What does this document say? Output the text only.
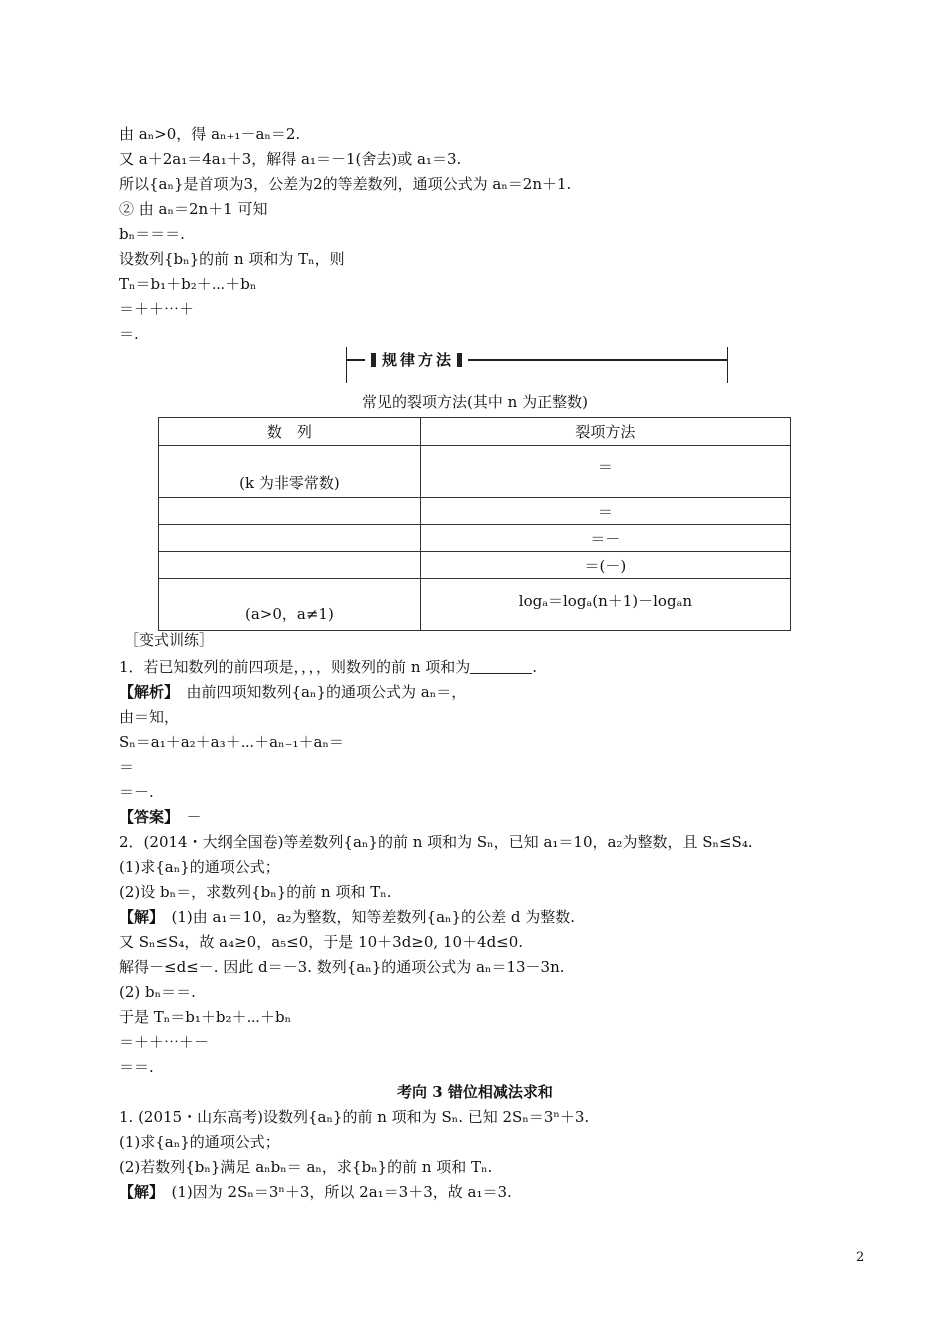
由 aₙ>0，得 aₙ₊₁－aₙ＝2.
又 a＋2a₁＝4a₁＋3，解得 a₁＝－1(舍去)或 a₁＝3.
所以{aₙ}是首项为3，公差为2的等差数列，通项公式为 aₙ＝2n＋1.
② 由 aₙ＝2n＋1 可知
bₙ＝＝＝.
设数列{bₙ}的前 n 项和为 Tₙ，则
Tₙ＝b₁＋b₂＋⋯＋bₙ
＝＋＋⋯＋
＝.
规律方法
常见的裂项方法(其中 n 为正整数)
数　列	裂项方法

(k 为非零常数)	＝

	＝
	＝－
	＝(－)

(a>0，a≠1)	logₐ＝logₐ(n＋1)－logₐn
［变式训练］
1．若已知数列的前四项是，，，，则数列的前 n 项和为	.
【解析】　由前四项知数列{aₙ}的通项公式为 aₙ＝，
由＝知，
Sₙ＝a₁＋a₂＋a₃＋⋯＋aₙ₋₁＋aₙ＝
＝
＝－.
【答案】　－
2．(2014・大纲全国卷)等差数列{aₙ}的前 n 项和为 Sₙ，已知 a₁＝10，a₂为整数，且 Sₙ≤S₄.
(1)求{aₙ}的通项公式；
(2)设 bₙ＝，求数列{bₙ}的前 n 项和 Tₙ.
【解】　(1)由 a₁＝10，a₂为整数，知等差数列{aₙ}的公差 d 为整数.
又 Sₙ≤S₄，故 a₄≥0，a₅≤0，于是 10＋3d≥0, 10＋4d≤0.
解得－≤d≤－. 因此 d＝－3. 数列{aₙ}的通项公式为 aₙ＝13－3n.
(2) bₙ＝＝.
于是 Tₙ＝b₁＋b₂＋⋯＋bₙ
＝＋＋⋯＋－
＝＝.
考向 3 错位相减法求和
1. (2015・山东高考)设数列{aₙ}的前 n 项和为 Sₙ. 已知 2Sₙ＝3ⁿ＋3.
(1)求{aₙ}的通项公式；
(2)若数列{bₙ}满足 aₙbₙ＝ aₙ，求{bₙ}的前 n 项和 Tₙ.
【解】　(1)因为 2Sₙ＝3ⁿ＋3，所以 2a₁＝3＋3，故 a₁＝3.
2
